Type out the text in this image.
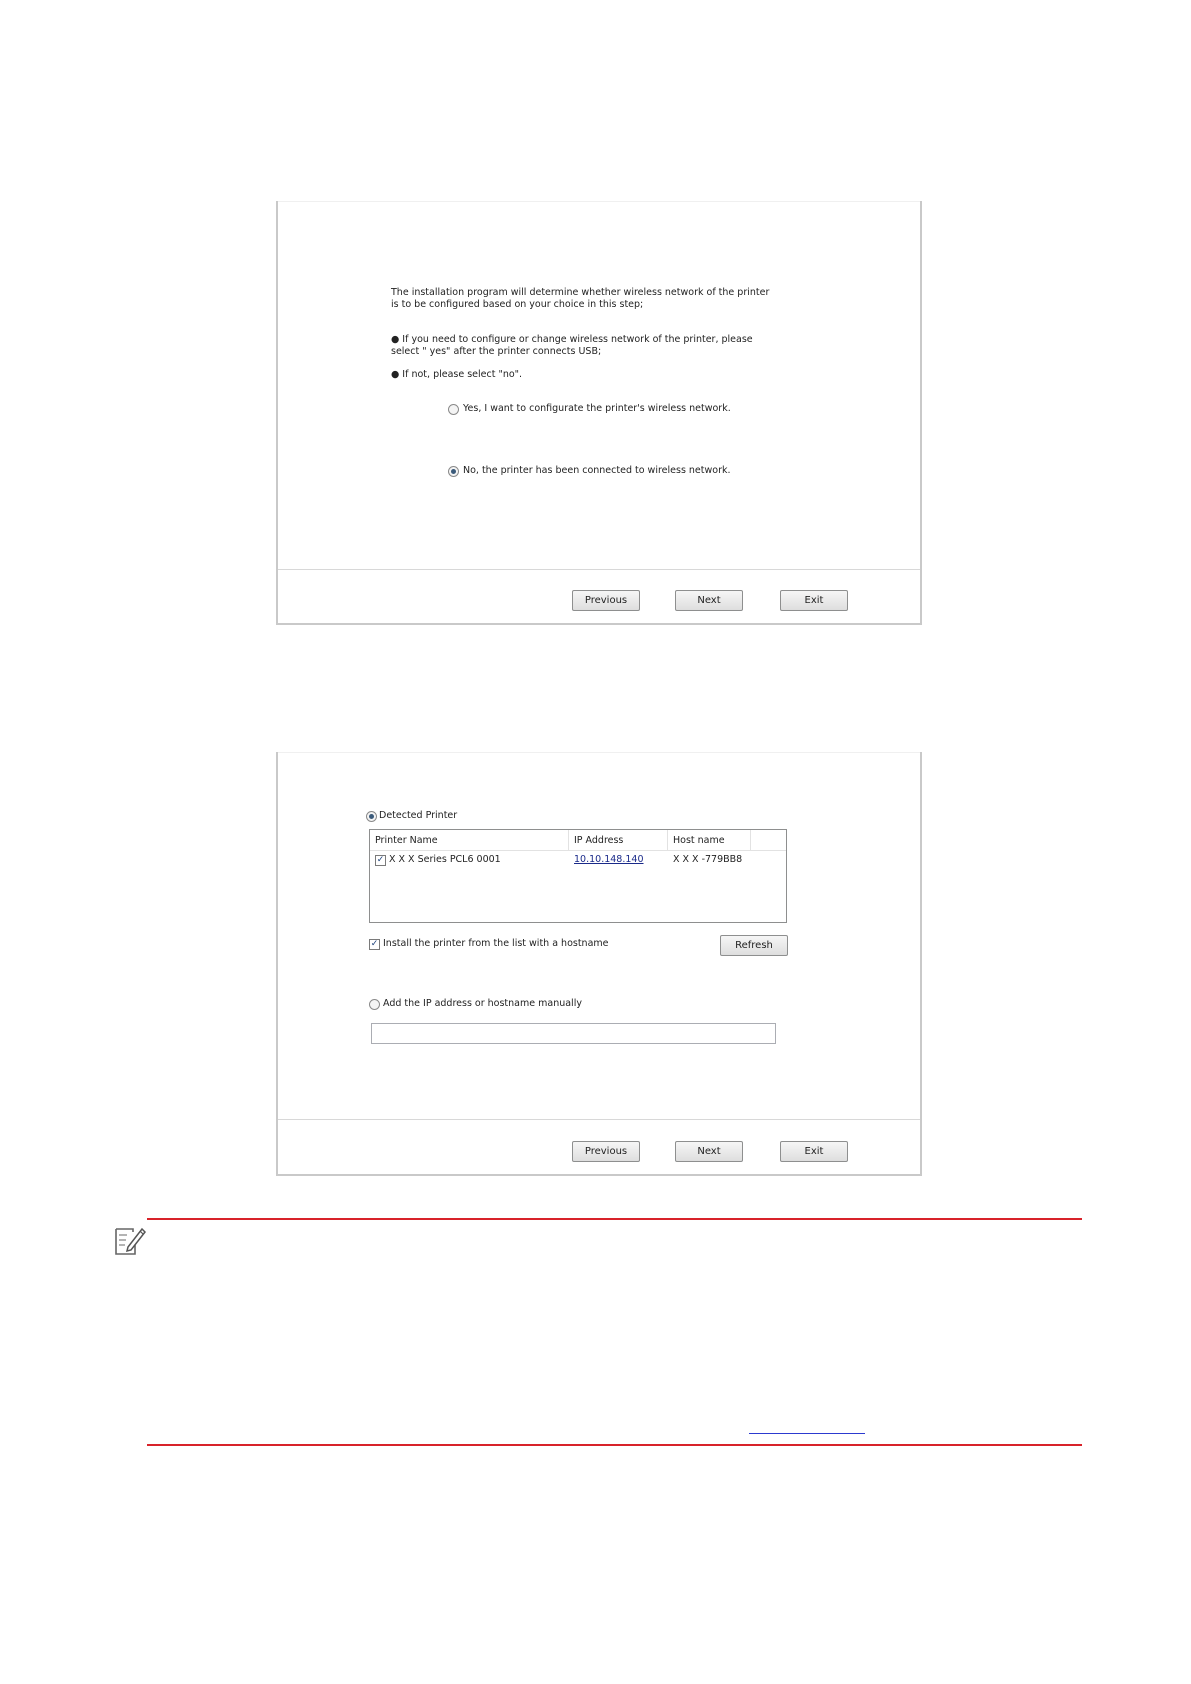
The installation program will determine whether wireless network of the printer is to be configured based on your choice in this step;
● If you need to configure or change wireless network of the printer, please select " yes" after the printer connects USB;
● If not, please select "no".
Yes, I want to configurate the printer's wireless network.
No, the printer has been connected to wireless network.
Previous	Next	Exit
Detected Printer
Printer Name	IP Address	Host name
✓ X X X Series PCL6 0001	10.10.148.140	X X X -779BB8
✓ Install the printer from the list with a hostname	Refresh
Add the IP address or hostname manually
Previous	Next	Exit
